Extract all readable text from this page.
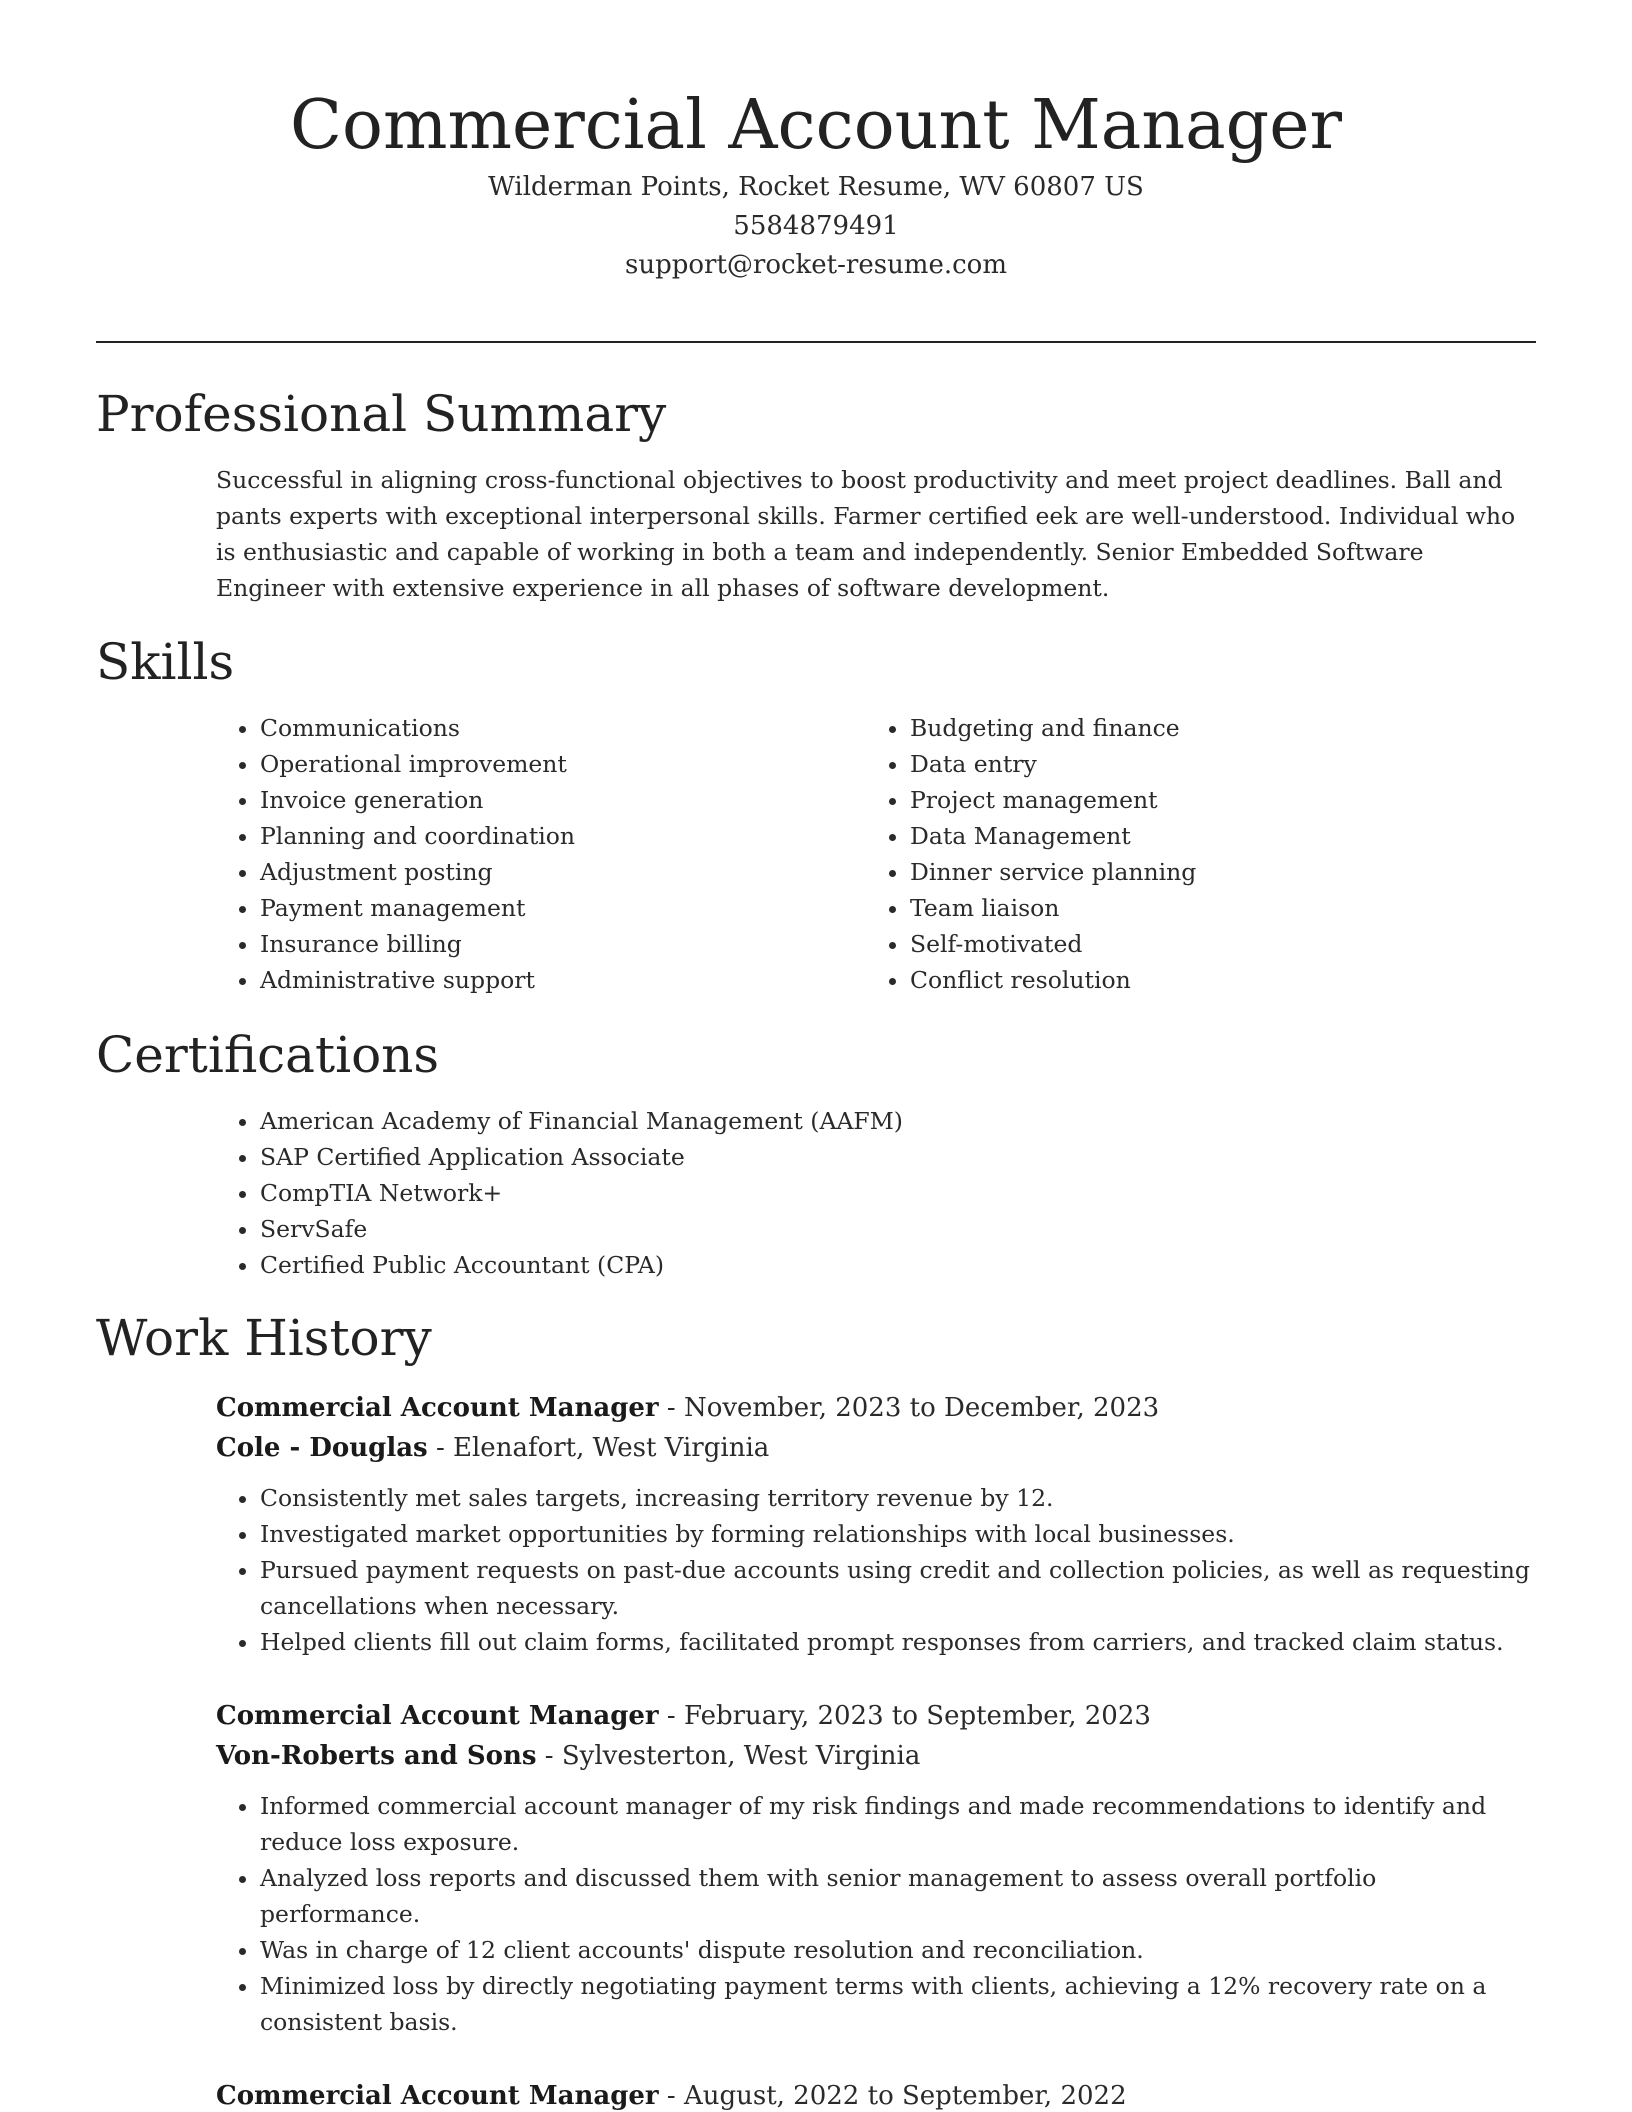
Commercial Account Manager
Wilderman Points, Rocket Resume, WV 60807 US
5584879491
support@rocket-resume.com
Professional Summary

Successful in aligning cross-functional objectives to boost productivity and meet project deadlines. Ball and pants experts with exceptional interpersonal skills. Farmer certified eek are well-understood. Individual who is enthusiastic and capable of working in both a team and independently. Senior Embedded Software Engineer with extensive experience in all phases of software development.

Skills
• Communications
• Operational improvement
• Invoice generation
• Planning and coordination
• Adjustment posting
• Payment management
• Insurance billing
• Administrative support
• Budgeting and finance
• Data entry
• Project management
• Data Management
• Dinner service planning
• Team liaison
• Self-motivated
• Conflict resolution
Certifications
• American Academy of Financial Management (AAFM)
• SAP Certified Application Associate
• CompTIA Network+
• ServSafe
• Certified Public Accountant (CPA)
Work History
Commercial Account Manager - November, 2023 to December, 2023
Cole - Douglas - Elenafort, West Virginia
• Consistently met sales targets, increasing territory revenue by 12.
• Investigated market opportunities by forming relationships with local businesses.
• Pursued payment requests on past-due accounts using credit and collection policies, as well as requesting cancellations when necessary.
• Helped clients fill out claim forms, facilitated prompt responses from carriers, and tracked claim status.
Commercial Account Manager - February, 2023 to September, 2023
Von-Roberts and Sons - Sylvesterton, West Virginia
• Informed commercial account manager of my risk findings and made recommendations to identify and reduce loss exposure.
• Analyzed loss reports and discussed them with senior management to assess overall portfolio performance.
• Was in charge of 12 client accounts' dispute resolution and reconciliation.
• Minimized loss by directly negotiating payment terms with clients, achieving a 12% recovery rate on a consistent basis.
Commercial Account Manager - August, 2022 to September, 2022
